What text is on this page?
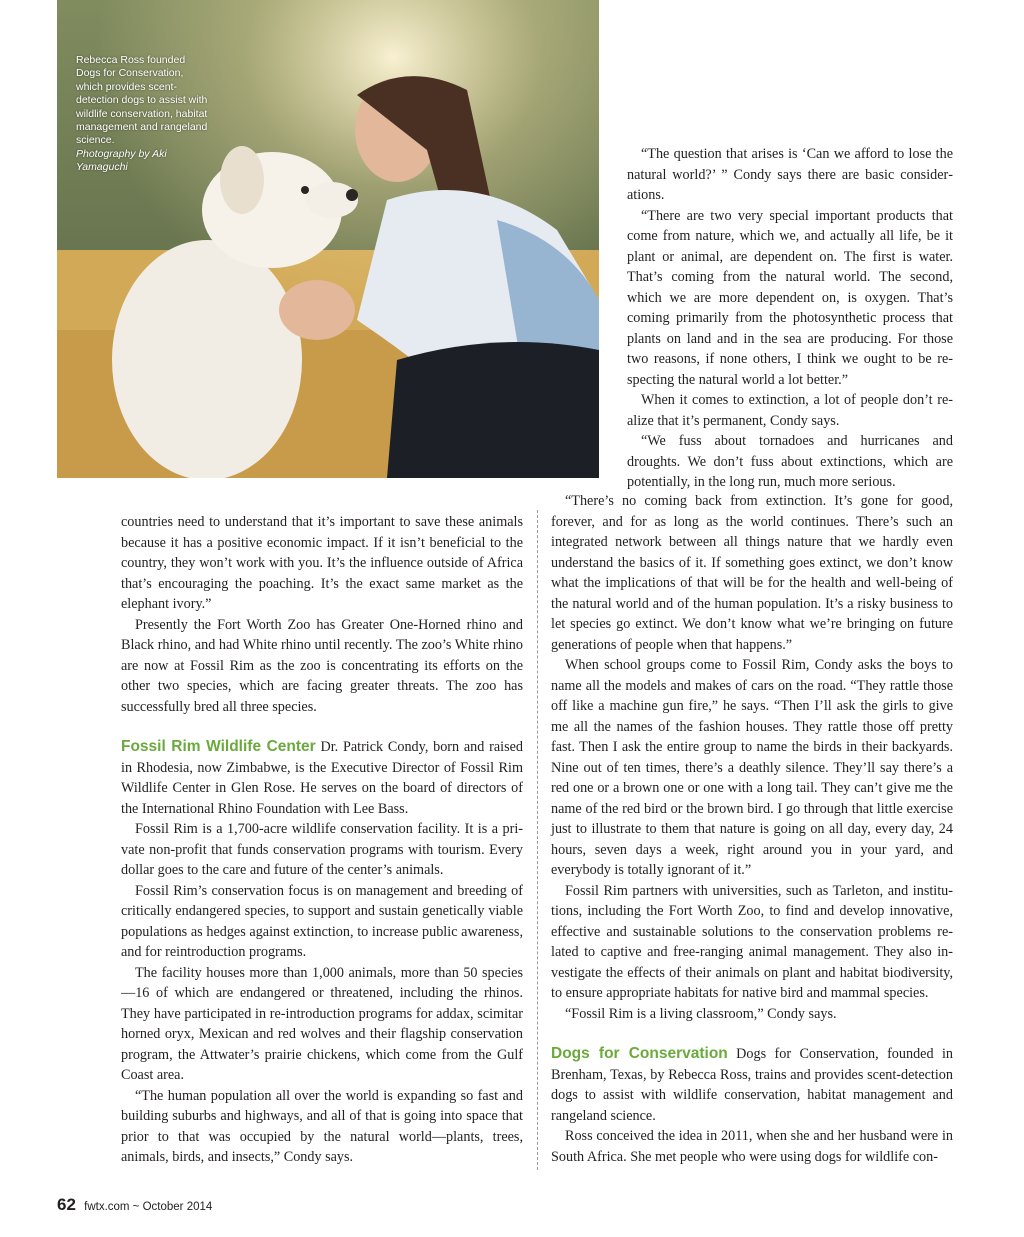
Rebecca Ross founded Dogs for Conservation, which provides scent-detection dogs to assist with wildlife conservation, habitat management and rangeland science.
Photography by Aki Yamaguchi

“The question that arises is ‘Can we afford to lose the natural world?’ ” Condy says there are basic considerations.

“There are two very special important products that come from nature, which we, and actually all life, be it plant or animal, are dependent on. The first is water. That’s coming from the natural world. The second, which we are more dependent on, is oxygen. That’s coming primarily from the photosynthetic process that plants on land and in the sea are producing. For those two reasons, if none others, I think we ought to be respecting the natural world a lot better.”

When it comes to extinction, a lot of people don’t realize that it’s permanent, Condy says.

“We fuss about tornadoes and hurricanes and droughts. We don’t fuss about extinctions, which are potentially, in the long run, much more serious.

countries need to understand that it’s important to save these animals because it has a positive economic impact. If it isn’t beneficial to the country, they won’t work with you. It’s the influence outside of Africa that’s encouraging the poaching. It’s the exact same market as the elephant ivory.”

Presently the Fort Worth Zoo has Greater One-Horned rhino and Black rhino, and had White rhino until recently. The zoo’s White rhino are now at Fossil Rim as the zoo is concentrating its efforts on the other two species, which are facing greater threats. The zoo has successfully bred all three species.

Fossil Rim Wildlife Center Dr. Patrick Condy, born and raised in Rhodesia, now Zimbabwe, is the Executive Director of Fossil Rim Wildlife Center in Glen Rose. He serves on the board of directors of the International Rhino Foundation with Lee Bass.

Fossil Rim is a 1,700-acre wildlife conservation facility. It is a private non-profit that funds conservation programs with tourism. Every dollar goes to the care and future of the center’s animals.

Fossil Rim’s conservation focus is on management and breeding of critically endangered species, to support and sustain genetically viable populations as hedges against extinction, to increase public awareness, and for reintroduction programs.

The facility houses more than 1,000 animals, more than 50 species—16 of which are endangered or threatened, including the rhinos. They have participated in re-introduction programs for addax, scimitar horned oryx, Mexican and red wolves and their flagship conservation program, the Attwater’s prairie chickens, which come from the Gulf Coast area.

“The human population all over the world is expanding so fast and building suburbs and highways, and all of that is going into space that prior to that was occupied by the natural world—plants, trees, animals, birds, and insects,” Condy says.

“There’s no coming back from extinction. It’s gone for good, forever, and for as long as the world continues. There’s such an integrated network between all things nature that we hardly even understand the basics of it. If something goes extinct, we don’t know what the implications of that will be for the health and well-being of the natural world and of the human population. It’s a risky business to let species go extinct. We don’t know what we’re bringing on future generations of people when that happens.”

When school groups come to Fossil Rim, Condy asks the boys to name all the models and makes of cars on the road. “They rattle those off like a machine gun fire,” he says. “Then I’ll ask the girls to give me all the names of the fashion houses. They rattle those off pretty fast. Then I ask the entire group to name the birds in their backyards. Nine out of ten times, there’s a deathly silence. They’ll say there’s a red one or a brown one or one with a long tail. They can’t give me the name of the red bird or the brown bird. I go through that little exercise just to illustrate to them that nature is going on all day, every day, 24 hours, seven days a week, right around you in your yard, and everybody is totally ignorant of it.”

Fossil Rim partners with universities, such as Tarleton, and institutions, including the Fort Worth Zoo, to find and develop innovative, effective and sustainable solutions to the conservation problems related to captive and free-ranging animal management. They also investigate the effects of their animals on plant and habitat biodiversity, to ensure appropriate habitats for native bird and mammal species.

“Fossil Rim is a living classroom,” Condy says.

Dogs for Conservation Dogs for Conservation, founded in Brenham, Texas, by Rebecca Ross, trains and provides scent-detection dogs to assist with wildlife conservation, habitat management and rangeland science.

Ross conceived the idea in 2011, when she and her husband were in South Africa. She met people who were using dogs for wildlife con-

62 fwtx.com ~ October 2014
